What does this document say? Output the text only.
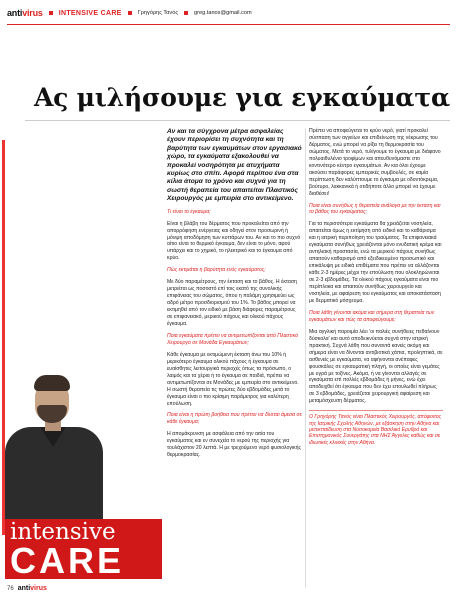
antivirus INTENSIVE CARE	Γρηγόρης Τανός	greg.tanos@gmail.com
Ας μιλήσουμε για εγκαύματα
intensive
CARE

Αν και τα σύγχρονα μέτρα ασφαλείας έχουν περιορίσει τη συχνότητα και τη βαρύτητα των εγκαυμάτων στον εργασιακό χώρο, τα εγκαύματα εξακολουθεί να προκαλεί νοσηρότητα με ατυχήματα κυρίως στο σπίτι. Αφορά περίπου ένα στα κίλια άτομα το χρόνο και συχνά για τη σωστή θεραπεία του απαιτείται Πλαστικός Χειρουργός με εμπειρία στο αντικείμενο.

Τι είναι το έγκαυμα;

Είναι η βλάβη του δέρματος που προκαλείται από την απορρόφηση ενέργειας και οδηγεί στον προσωρινή ή μόνιμη αποδόμηση των κυττάρων του. Αν και το πιο συχνό αίτιο είναι το θερμικό έγκαυμα, δεν είναι το μόνο, αφού υπάρχει και το χημικό, το ηλεκτρικό και το έγκαυμα από κρύο.

Πώς εκτιμάται η βαρύτητα ενός εγκαύματος;

Με δύο παραμέτρους, την έκταση και το βάθος. Η έκταση μετριέται ως ποσοστό επί τοις εκατό της συνολικής επιφάνειας του σώματος, όπου η παλάμη χρησιμεύει ως αδρό μέτρο προσδιορισμού του 1%. Το βάθος μπορεί να εκτιμηθεί από τον ειδικό με βάση διάφορες παραμέτρους σε επιφανειακό, μερικού πάχους και ολικού πάχους έγκαυμα.

Ποια εγκαύματα πρέπει να αντιμετωπίζονται από Πλαστικό Χειρουργό σε Μονάδα Εγκαυμάτων;

Κάθε έγκαυμα με εκτιμώμενη έκταση άνω του 10% ή μερικότερο έγκαυμα ολικού πάχους ή έγκαυμα σε ευαίσθητες λειτουργικά περιοχές όπως τα πρόσωπο, ο λαιμός και τα χέρια ή το έγκαυμα σε παιδιά, πρέπει να αντιμετωπίζονται σε Μονάδες με εμπειρία στο αντικείμενο. Η σωστή θεραπεία τις πρώτες δύο εβδομάδες μετά το έγκαυμα είναι ο πιο κρίσιμη παράμετρος για καλύτερη επούλωση.

Ποια είναι η πρώτη βοήθεια που πρέπει να δίνεται άμεσα σε κάθε έγκαυμα;

Η απομάκρυνση με ασφάλεια από την αιτία του εγκαύματος και εν συνεχεία το νερού της περιοχής για τουλάχιστον 20 λεπτά. Η με τρεχούμενο νερό φυσιολογικής θερμοκρασίας.

Πρέπει να αποφεύγεται το κρύο νερό, γιατί προκαλεί σύσπαση των αγγείων και επιδείνωση της νέκρωσης του δέρματος, ενώ μπορεί να ρίξει τη θερμοκρασία του σώματος. Μετά το νερό, τυλίγουμε το έγκαυμα με διάφανο πολυαιθυλένιο τροφίμων και απευθυνόμαστε στο κοντινότερο κέντρο εγκαυμάτων. Αν και όλοι έχουμε ακούσει παράφορες εμπειρικές συμβουλές, σε καμία περίπτωση δεν καλύπτουμε το έγκαυμα με οδοντόκρεμα, βούτυρο, λακκανικά ή οτιδήποτε άλλο μπορεί να έχουμε διαθέσει!

Ποια είναι συνήθως η θεραπεία ανάλογα με την έκταση και το βάθος του εγκαύματος;

Για τα περισσότερα εγκαύματα θα χρειάζεται νοσηλεία, απαιτείται όμως η εκτίμηση από ειδικό και το καθάρισμα και η ιατρική περιποίηση του τραύματος. Τα επιφανειακά εγκαύματα συνήθως χρειάζονται μόνο ενυδατική κρέμα και αντηλιακή προστασία, ενώ τα μερικού πάχους συνήθως απαιτούν καθαρισμό από εξειδικευμένο προσωπικό και επικάλυψη με ειδικά επιθέματα που πρέπει να αλλάζονται κάθε 2-3 ημέρες μέχρι την επούλωση που ολοκληρώνεται σε 2-3 εβδομάδες. Τα ολικού πάχους εγκαύματα είναι πιο περίπλοκα και απαιτούν συνήθως χειρουργείο και νοσηλεία, με αφαίρεση του εγκαύματος και αποκατάσταση με δερματικό μόσχευμα.

Ποια λάθη γίνονται ακόμα και σήμερα στη θεραπεία των εγκαυμάτων και πώς τα αποφεύγουμε;

Μια αγγλική παροιμία λέει 'οι παλιές συνήθειες πεθαίνουν δύσκολα' και αυτό αποδεικνύεται συχνά στην ιατρική πρακτική. Συχνά λάθη που συναντά κανείς ακόμη και σήμερα είναι να δίνονται αντιβιοτικά χάπια, προληπτικά, σε ασθενείς με εγκαύματα, να αφήνονται ανέπαφες φουσκάλες σε εγκαυματική πληγή, οι οποίες είναι γεμάτες με υγρά με τοξίνες. Ακόμα, ή να γίνονται αλλαγές σε εγκαύματα επί πολλές εβδομάδες ή μήνες, ενώ έχει αποδειχθεί ότι έγκαυμα που δεν έχει επουλωθεί πλήρως σε 3 εβδομάδες, χρειάζεται χειρουργική αφαίρεση και μεταμόσχευση δέρματος.

Ο Γρηγόρης Τανός είναι Πλαστικός Χειρουργός, απόφοιτος της Ιατρικής Σχολής Αθηνών, με εξάσκηση στην Αθήνα και μετεκπαίδευση στα Νοσοκομεία Βασιλικό Ερυθρό και Επιστημονικός Συνεργάτης στα ΝΗΣ Άγγελες καθώς και σε ιδιωτικές κλινικές στην Αθήνα.

76 antivirus
